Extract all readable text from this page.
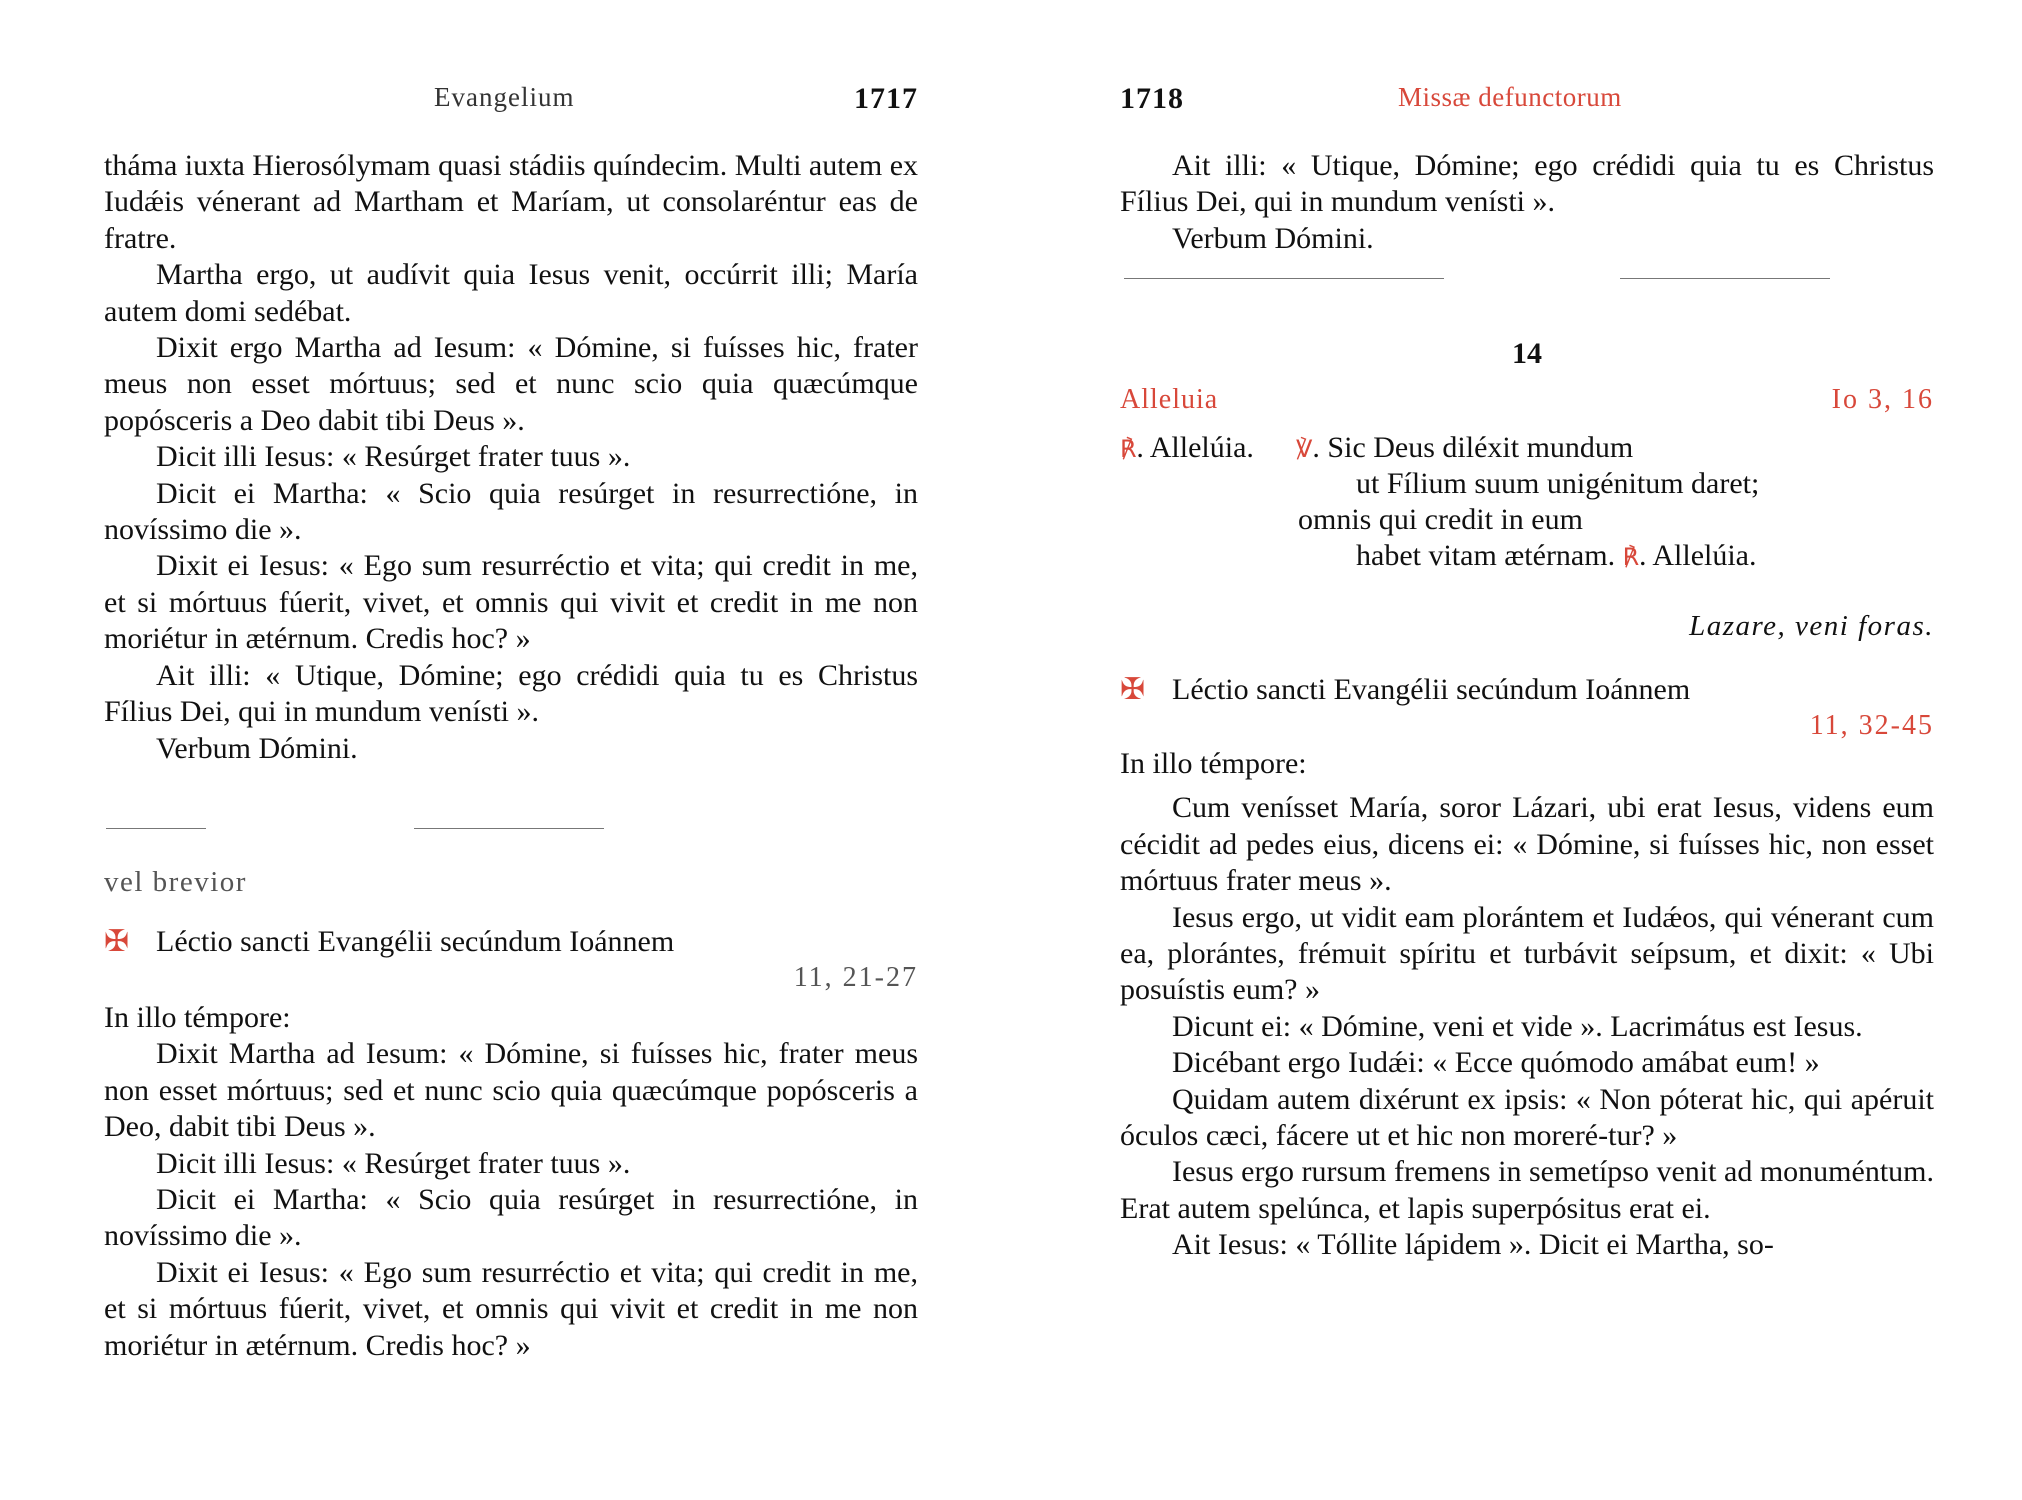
Evangelium	1717

tháma iuxta Hierosólymam quasi stádiis quíndecim. Multi autem ex Iudǽis vénerant ad Martham et Maríam, ut consolaréntur eas de fratre.

Martha ergo, ut audívit quia Iesus venit, occúrrit illi; María autem domi sedébat.

Dixit ergo Martha ad Iesum: « Dómine, si fuísses hic, frater meus non esset mórtuus; sed et nunc scio quia quæcúmque popósceris a Deo dabit tibi Deus ».

Dicit illi Iesus: « Resúrget frater tuus ».

Dicit ei Martha: « Scio quia resúrget in resurrectióne, in novíssimo die ».

Dixit ei Iesus: « Ego sum resurréctio et vita; qui credit in me, et si mórtuus fúerit, vivet, et omnis qui vivit et credit in me non moriétur in ætérnum. Credis hoc? »

Ait illi: « Utique, Dómine; ego crédidi quia tu es Christus Fílius Dei, qui in mundum venísti ».

Verbum Dómini.

vel brevior
✠ Léctio sancti Evangélii secúndum Ioánnem
11, 21-27

In illo témpore:

Dixit Martha ad Iesum: « Dómine, si fuísses hic, frater meus non esset mórtuus; sed et nunc scio quia quæcúmque popósceris a Deo, dabit tibi Deus ».

Dicit illi Iesus: « Resúrget frater tuus ».

Dicit ei Martha: « Scio quia resúrget in resurrectióne, in novíssimo die ».

Dixit ei Iesus: « Ego sum resurréctio et vita; qui credit in me, et si mórtuus fúerit, vivet, et omnis qui vivit et credit in me non moriétur in ætérnum. Credis hoc? »

1718	Missæ defunctorum

Ait illi: « Utique, Dómine; ego crédidi quia tu es Christus Fílius Dei, qui in mundum venísti ».

Verbum Dómini.

14
Alleluia	Io 3, 16
℟. Allelúia. ℣. Sic Deus diléxit mundum
ut Fílium suum unigénitum daret;
omnis qui credit in eum
habet vitam ætérnam. ℟. Allelúia.
Lazare, veni foras.
✠ Léctio sancti Evangélii secúndum Ioánnem
11, 32-45

In illo témpore:

Cum venísset María, soror Lázari, ubi erat Iesus, videns eum cécidit ad pedes eius, dicens ei: « Dómine, si fuísses hic, non esset mórtuus frater meus ».

Iesus ergo, ut vidit eam plorántem et Iudǽos, qui vénerant cum ea, plorántes, frémuit spíritu et turbávit seípsum, et dixit: « Ubi posuístis eum? »

Dicunt ei: « Dómine, veni et vide ». Lacrimátus est Iesus.

Dicébant ergo Iudǽi: « Ecce quómodo amábat eum! »

Quidam autem dixérunt ex ipsis: « Non póterat hic, qui apéruit óculos cæci, fácere ut et hic non moreré-tur? »

Iesus ergo rursum fremens in semetípso venit ad monuméntum. Erat autem spelúnca, et lapis superpósitus erat ei.

Ait Iesus: « Tóllite lápidem ». Dicit ei Martha, so-
